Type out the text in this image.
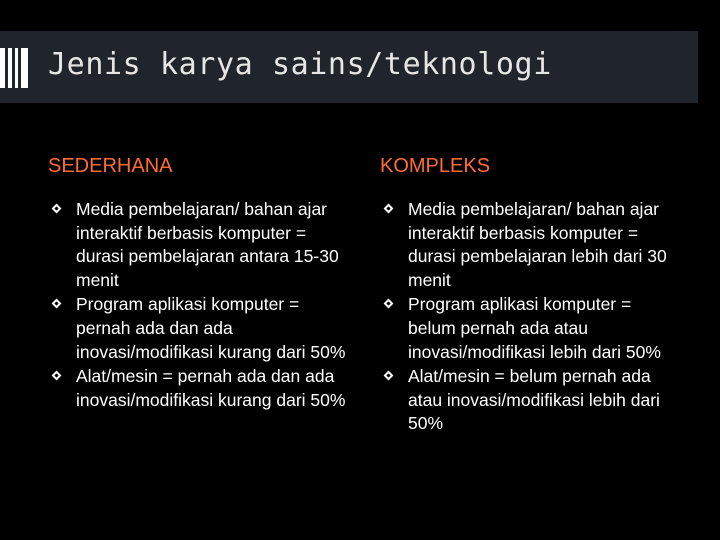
Jenis karya sains/teknologi
SEDERHANA
Media pembelajaran/ bahan ajar interaktif berbasis komputer = durasi pembelajaran antara 15-30 menit
Program aplikasi komputer = pernah ada dan ada inovasi/modifikasi kurang dari 50%
Alat/mesin = pernah ada dan ada inovasi/modifikasi kurang dari 50%
KOMPLEKS
Media pembelajaran/ bahan ajar interaktif berbasis komputer = durasi pembelajaran lebih dari 30 menit
Program aplikasi komputer = belum pernah ada atau inovasi/modifikasi lebih dari 50%
Alat/mesin = belum pernah ada atau inovasi/modifikasi lebih dari 50%
